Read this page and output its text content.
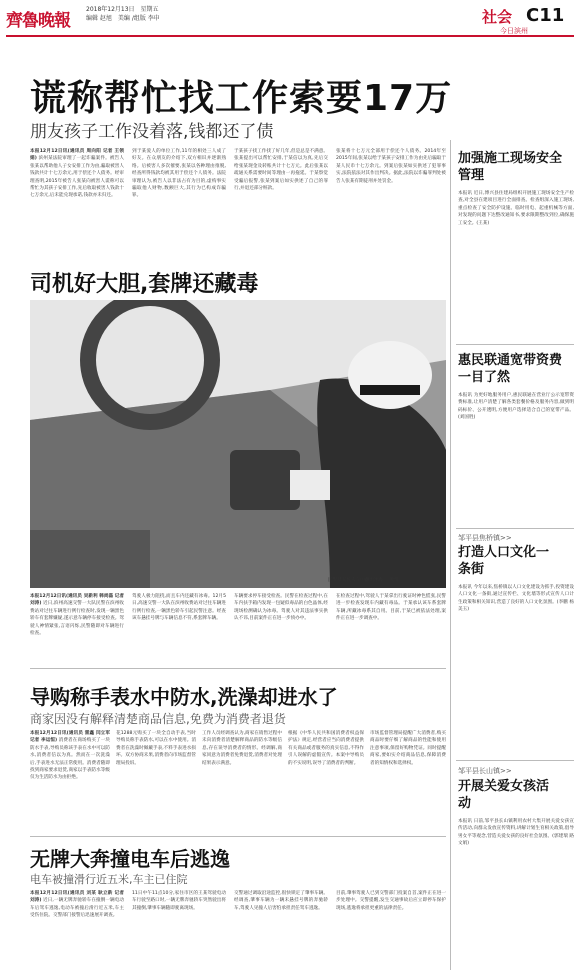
齊魯晚報
2018年12月13日　星期五
编辑 赵旭　美编 /组版 李申	社会 C11
今日滨州
谎称帮忙找工作索要17万
朋友孩子工作没着落,钱都还了债
本报12月12日讯(通讯员 周向阳 记者 王领娟) 滨州某法院审理了一起诈骗案件。被告人张某以帮助他人子女安排工作为由,骗取被害人钱款共计十七万余元,用于偿还个人债务。经审理查明,2015年被告人张某向被害人谎称可以帮忙为其孩子安排工作,先后收取被害人钱款十七万余元,后未能兑现承诺,钱款亦未归还。
到于某爱人的单位工作,11年的相处三人成了好友。在众朋友的介绍下,双方相识并逐渐熟络。后被害人多次催要,张某以各种理由推脱,经查所得钱款均被其用于偿还个人债务。法院审理认为,被告人以非法占有为目的,虚构事实骗取他人财物,数额巨大,其行为已构成诈骗罪。
于某孩子找工作找了好几年,但是总是不满意。张某提出可以帮忙安排,于某信以为真,先后交给张某现金及转账共计十七万元。此后张某以疏通关系需要时间等理由一再拖延。于某察觉受骗后报警,张某到案后如实供述了自己的罪行,并退还部分赃款。
张某将十七万元全部用于偿还个人债务。2014年至2015年间,张某以给于某孩子安排工作为由先后骗取于某人民币十七万余元。到案后张某如实供述了犯罪事实,法院依法对其作出判决。据此,法院以诈骗罪判处被告人张某有期徒刑并处罚金。
司机好大胆,套牌还藏毒
民警从驾驶人车中翻出冰毒。 供图
本报12月12日讯(通讯员 吴新利 韩尚磊 记者 刘涛) 近日,滨州高速交警一大队民警在滨州收费站对过往车辆进行例行检查时,发现一辆黑色轿车有套牌嫌疑,遂示意车辆停车接受检查。驾驶人神情紧张,言语闪烁,民警随即对车辆进行检查。
驾驶人极力阻挠,而且车内还藏有冰毒。12月5日,高速交警一大队在滨州收费站对过往车辆进行例行检查,一辆黑色轿车引起民警注意。经查该车悬挂号牌与车辆信息不符,系套牌车辆。
车辆要求停车接受检查。民警在检查过程中,在车内扶手箱内发现一包疑似毒品的白色晶体,经现场检测确认为冰毒。驾驶人对其违法事实供认不讳,目前案件正在进一步侦办中。
在检查过程中,驾驶人于某拿出行驶证时神色慌张,民警进一步检查发现车内藏有毒品。于某承认该车系套牌车辆,所藏冰毒系其自用。目前,于某已被依法处理,案件正在进一步调查中。
导购称手表水中防水,洗澡却进水了
商家因没有解释清楚商品信息,免费为消费者退货
本报12月12日讯(通讯员 雷鑫 闫立军 记者 李运恒) 消费者在商场购买了一块防水手表,导购员称该手表在水中可以防水,消费者信以为真。然而在一次洗澡后,手表进水无法正常使用。消费者随即找到商家要求退货,商家以手表防水等级仅为生活防水为由拒绝。
花1288元购买了一块全自动手表,当时导购员称手表防水,可以在水中使用。消费者在洗澡时佩戴手表,不料手表进水损坏。双方协商未果,消费者向市场监督管理局投诉。
工作人员经调查认为,商家在销售过程中未向消费者清楚解释商品的防水等级信息,存在误导消费者的情形。经调解,商家同意为消费者免费退货,消费者对处理结果表示满意。
根据《中华人民共和国消费者权益保护法》规定,经营者应当向消费者提供有关商品或者服务的真实信息,不得作引人误解的虚假宣传。本案中导购员的不实说明,误导了消费者的判断。
市场监督管理局提醒广大消费者,购买商品时要仔细了解商品的性能和使用注意事项,保留好购物凭证。同时提醒商家,要如实介绍商品信息,保障消费者的知情权和选择权。
无牌大奔撞电车后逃逸
电车被撞滑行近五米,车主已住院
本报12月12日讯(通讯员 刘某 耿立新 记者 刘涛) 近日,一辆无牌奔驰轿车在撞倒一辆电动车后驾车逃逸,电动车被撞后滑行近五米,车主受伤住院。交警部门接警后迅速展开调查。
11日中午11点10分,家住市区的王某驾驶电动车行驶至路口时,一辆无牌奔驰轿车突然驶出将其撞倒,肇事车辆随即驶离现场。
交警通过调取沿途监控,很快锁定了肇事车辆。经调查,肇事车辆为一辆未悬挂号牌的奔驰轿车,驾驶人见撞人后害怕承担责任驾车逃逸。
目前,肇事驾驶人已到交警部门投案自首,案件正在进一步处理中。交警提醒,发生交通事故后应立即停车保护现场,逃逸将承担更重的法律责任。
加强施工现场安全管理
本报讯 近日,博兴县住建局组织开展施工现场安全生产检查,对全县在建项目进行全面排查。检查组深入施工现场,重点检查了安全防护设施、临时用电、起重机械等方面,对发现的问题下达整改通知书,要求限期整改到位,确保施工安全。(王某)
惠民联通宽带资费一目了然
本报讯 为更好地服务用户,惠民联通在营业厅公示宽带资费标准,让用户清楚了解各类套餐价格及服务内容,做到明码标价、公开透明,方便用户选择适合自己的宽带产品。(刘国胜)
邹平县焦桥镇>>
打造人口文化一条街
本报讯 今年以来,焦桥镇以人口文化建设为抓手,投资建设人口文化一条街,通过宣传栏、文化墙等形式宣传人口计生政策和相关知识,营造了良好的人口文化氛围。(李鹏 杨美玉)
邹平县长山镇>>
开展关爱女孩活动
本报讯 日前,邹平县长山镇利用农村大集开展关爱女孩宣传活动,向群众发放宣传资料,讲解计划生育相关政策,倡导男女平等观念,营造关爱女孩的良好社会氛围。(郭建瑞 路文娟)
